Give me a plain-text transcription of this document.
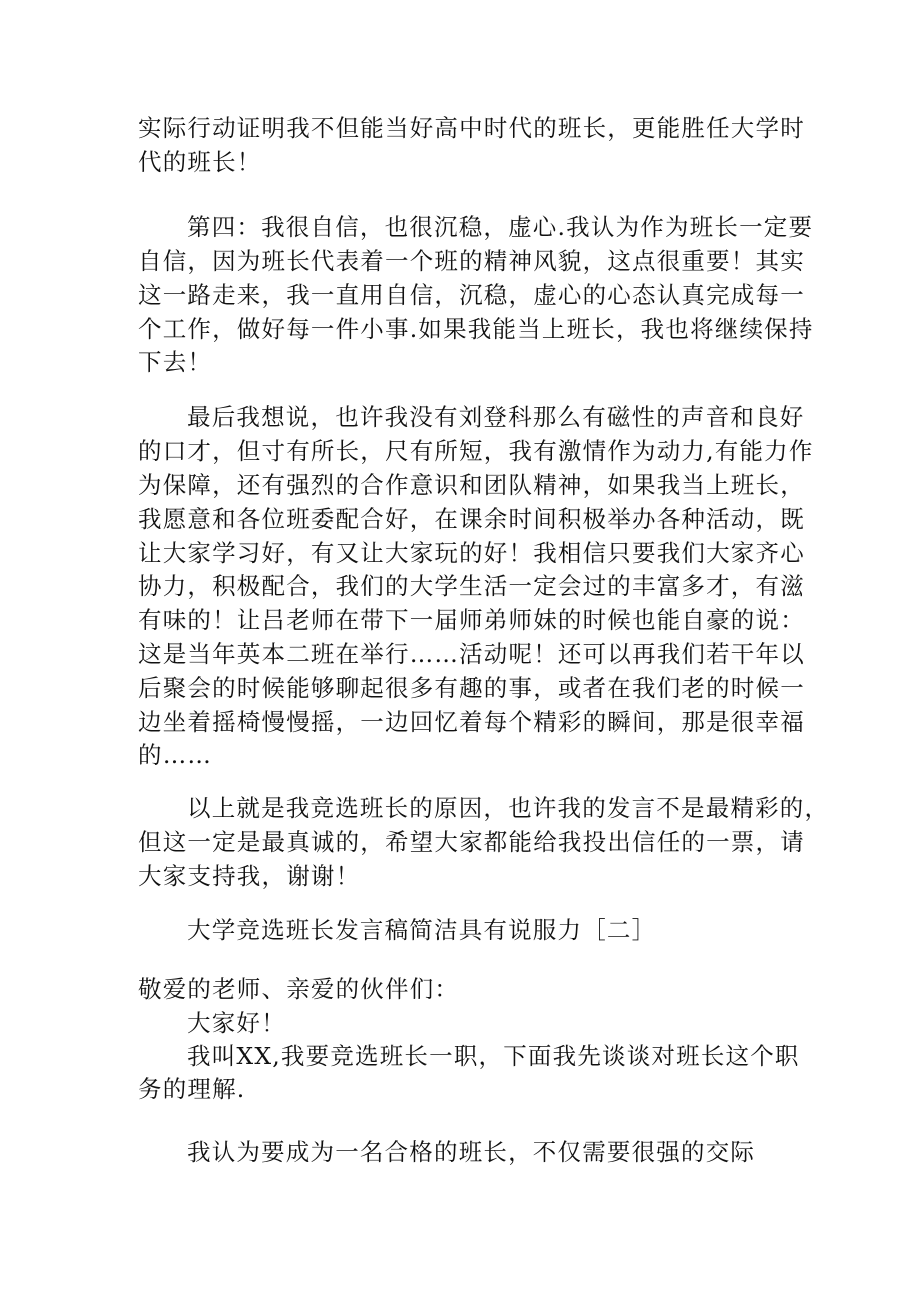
实际行动证明我不但能当好高中时代的班长，更能胜任大学时
代的班长！
第四：我很自信，也很沉稳，虚心.我认为作为班长一定要
自信，因为班长代表着一个班的精神风貌，这点很重要！其实
这一路走来，我一直用自信，沉稳，虚心的心态认真完成每一
个工作，做好每一件小事.如果我能当上班长，我也将继续保持
下去！
最后我想说，也许我没有刘登科那么有磁性的声音和良好
的口才，但寸有所长，尺有所短，我有激情作为动力,有能力作
为保障，还有强烈的合作意识和团队精神，如果我当上班长，
我愿意和各位班委配合好，在课余时间积极举办各种活动，既
让大家学习好，有又让大家玩的好！我相信只要我们大家齐心
协力，积极配合，我们的大学生活一定会过的丰富多才，有滋
有味的！让吕老师在带下一届师弟师妹的时候也能自豪的说：
这是当年英本二班在举行……活动呢！还可以再我们若干年以
后聚会的时候能够聊起很多有趣的事，或者在我们老的时候一
边坐着摇椅慢慢摇，一边回忆着每个精彩的瞬间，那是很幸福
的……
以上就是我竞选班长的原因，也许我的发言不是最精彩的，
但这一定是最真诚的，希望大家都能给我投出信任的一票，请
大家支持我，谢谢！
大学竞选班长发言稿简洁具有说服力［二］
敬爱的老师、亲爱的伙伴们：
大家好！
我叫XX,我要竞选班长一职，下面我先谈谈对班长这个职
务的理解.
我认为要成为一名合格的班长，不仅需要很强的交际
